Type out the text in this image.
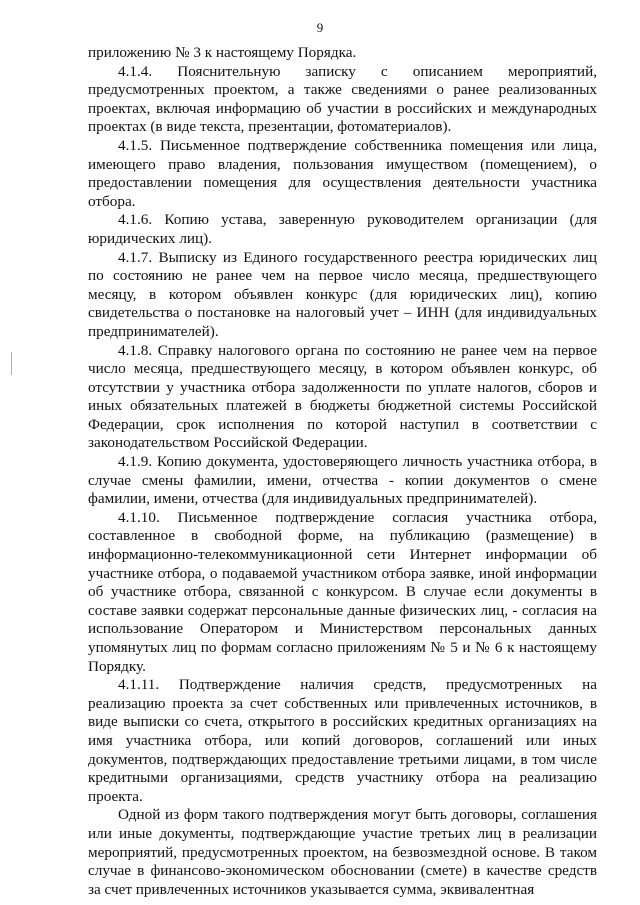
9

приложению № 3 к настоящему Порядка.

4.1.4. Пояснительную записку с описанием мероприятий, предусмотренных проектом, а также сведениями о ранее реализованных проектах, включая информацию об участии в российских и международных проектах (в виде текста, презентации, фотоматериалов).

4.1.5. Письменное подтверждение собственника помещения или лица, имеющего право владения, пользования имуществом (помещением), о предоставлении помещения для осуществления деятельности участника отбора.

4.1.6. Копию устава, заверенную руководителем организации (для юридических лиц).

4.1.7. Выписку из Единого государственного реестра юридических лиц по состоянию не ранее чем на первое число месяца, предшествующего месяцу, в котором объявлен конкурс (для юридических лиц), копию свидетельства о постановке на налоговый учет – ИНН (для индивидуальных предпринимателей).

4.1.8. Справку налогового органа по состоянию не ранее чем на первое число месяца, предшествующего месяцу, в котором объявлен конкурс, об отсутствии у участника отбора задолженности по уплате налогов, сборов и иных обязательных платежей в бюджеты бюджетной системы Российской Федерации, срок исполнения по которой наступил в соответствии с законодательством Российской Федерации.

4.1.9. Копию документа, удостоверяющего личность участника отбора, в случае смены фамилии, имени, отчества - копии документов о смене фамилии, имени, отчества (для индивидуальных предпринимателей).

4.1.10. Письменное подтверждение согласия участника отбора, составленное в свободной форме, на публикацию (размещение) в информационно-телекоммуникационной сети Интернет информации об участнике отбора, о подаваемой участником отбора заявке, иной информации об участнике отбора, связанной с конкурсом. В случае если документы в составе заявки содержат персональные данные физических лиц, - согласия на использование Оператором и Министерством персональных данных упомянутых лиц по формам согласно приложениям № 5 и № 6 к настоящему Порядку.

4.1.11. Подтверждение наличия средств, предусмотренных на реализацию проекта за счет собственных или привлеченных источников, в виде выписки со счета, открытого в российских кредитных организациях на имя участника отбора, или копий договоров, соглашений или иных документов, подтверждающих предоставление третьими лицами, в том числе кредитными организациями, средств участнику отбора на реализацию проекта.

Одной из форм такого подтверждения могут быть договоры, соглашения или иные документы, подтверждающие участие третьих лиц в реализации мероприятий, предусмотренных проектом, на безвозмездной основе. В таком случае в финансово-экономическом обосновании (смете) в качестве средств за счет привлеченных источников указывается сумма, эквивалентная
